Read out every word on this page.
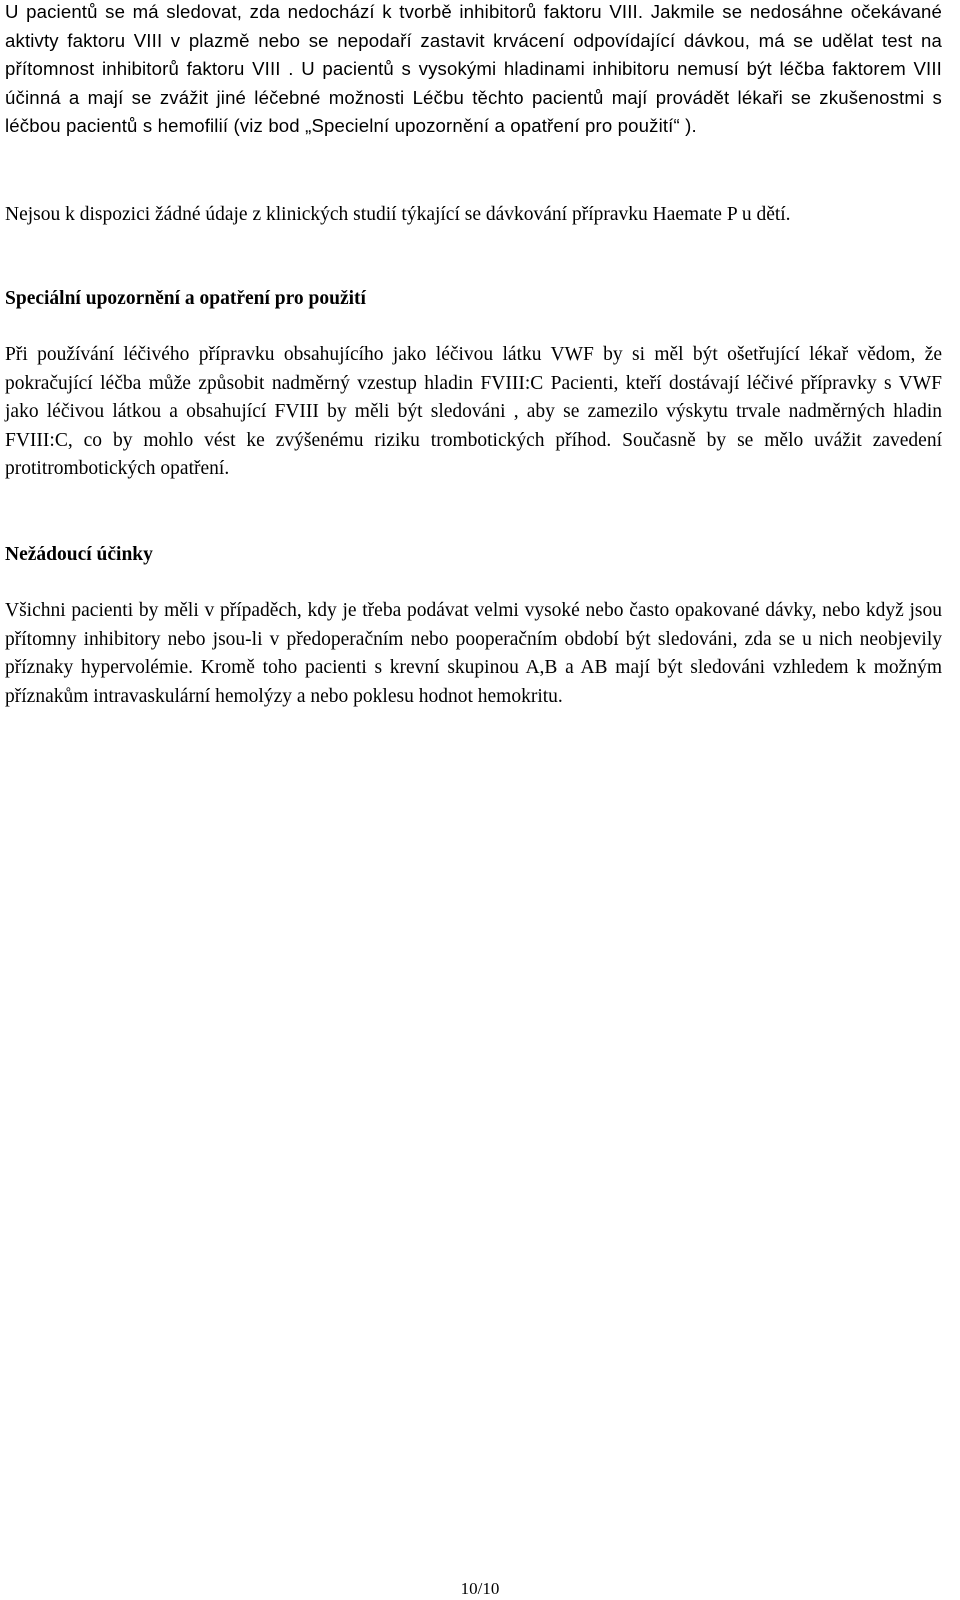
U pacientů se má sledovat, zda nedochází k tvorbě inhibitorů faktoru VIII. Jakmile se nedosáhne očekávané aktivty faktoru VIII v plazmě nebo se nepodaří zastavit krvácení odpovídající dávkou, má se udělat test na přítomnost inhibitorů faktoru VIII . U pacientů s vysokými hladinami inhibitoru nemusí být léčba faktorem VIII účinná a mají se zvážit jiné léčebné možnosti Léčbu těchto pacientů mají provádět lékaři se zkušenostmi s léčbou pacientů s hemofilií (viz bod „Specielní upozornění a opatření pro použití“ ).

Nejsou k dispozici žádné údaje z klinických studií týkající se dávkování přípravku Haemate P u dětí.

Speciální upozornění a opatření pro použití

Při používání léčivého přípravku obsahujícího jako léčivou látku VWF by si měl být ošetřující lékař vědom, že pokračující léčba může způsobit nadměrný vzestup hladin FVIII:C Pacienti, kteří dostávají léčivé přípravky s VWF jako léčivou látkou a obsahující FVIII by měli být sledováni , aby se zamezilo výskytu trvale nadměrných hladin FVIII:C, co by mohlo vést ke zvýšenému riziku trombotických příhod. Současně by se mělo uvážit zavedení protitrombotických opatření.

Nežádoucí účinky

Všichni pacienti by měli v případěch, kdy je třeba podávat velmi vysoké nebo často opakované dávky, nebo když jsou přítomny inhibitory nebo jsou-li v předoperačním nebo pooperačním období být sledováni, zda se u nich neobjevily příznaky hypervolémie. Kromě toho pacienti s krevní skupinou A,B a AB mají být sledováni vzhledem k možným příznakům intravaskulární hemolýzy a nebo poklesu hodnot hemokritu.

10/10
